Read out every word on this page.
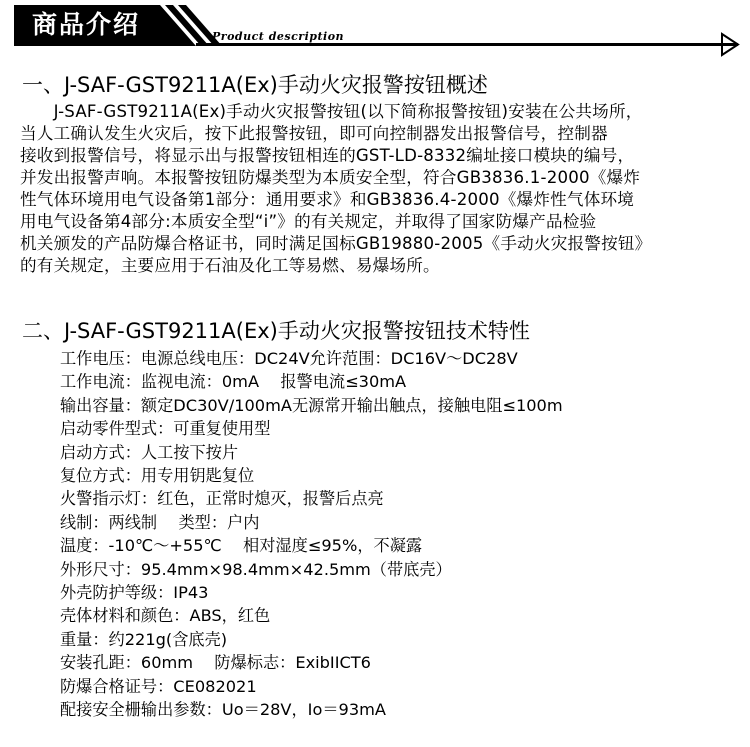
商品介绍	Product description
一、J-SAF-GST9211A(Ex)手动火灾报警按钮概述

　　J-SAF-GST9211A(Ex)手动火灾报警按钮(以下简称报警按钮)安装在公共场所，

当人工确认发生火灾后，按下此报警按钮，即可向控制器发出报警信号，控制器

接收到报警信号，将显示出与报警按钮相连的GST-LD-8332编址接口模块的编号，

并发出报警声响。本报警按钮防爆类型为本质安全型，符合GB3836.1-2000《爆炸

性气体环境用电气设备第1部分：通用要求》和GB3836.4-2000《爆炸性气体环境

用电气设备第4部分:本质安全型“i”》的有关规定，并取得了国家防爆产品检验

机关颁发的产品防爆合格证书，同时满足国标GB19880-2005《手动火灾报警按钮》

的有关规定，主要应用于石油及化工等易燃、易爆场所。

二、J-SAF-GST9211A(Ex)手动火灾报警按钮技术特性
工作电压：电源总线电压：DC24V允许范围：DC16V～DC28V
工作电流：监视电流：0mA　 报警电流≤30mA
输出容量：额定DC30V/100mA无源常开输出触点，接触电阻≤100m
启动零件型式：可重复使用型
启动方式：人工按下按片
复位方式：用专用钥匙复位
火警指示灯：红色，正常时熄灭，报警后点亮
线制：两线制　 类型：户内
温度：-10℃～+55℃　 相对湿度≤95%，不凝露
外形尺寸：95.4mm×98.4mm×42.5mm（带底壳）
外壳防护等级：IP43
壳体材料和颜色：ABS，红色
重量：约221g(含底壳)
安装孔距：60mm　 防爆标志：ExibIICT6
防爆合格证号：CE082021
配接安全栅输出参数：Uo＝28V，Io＝93mA
